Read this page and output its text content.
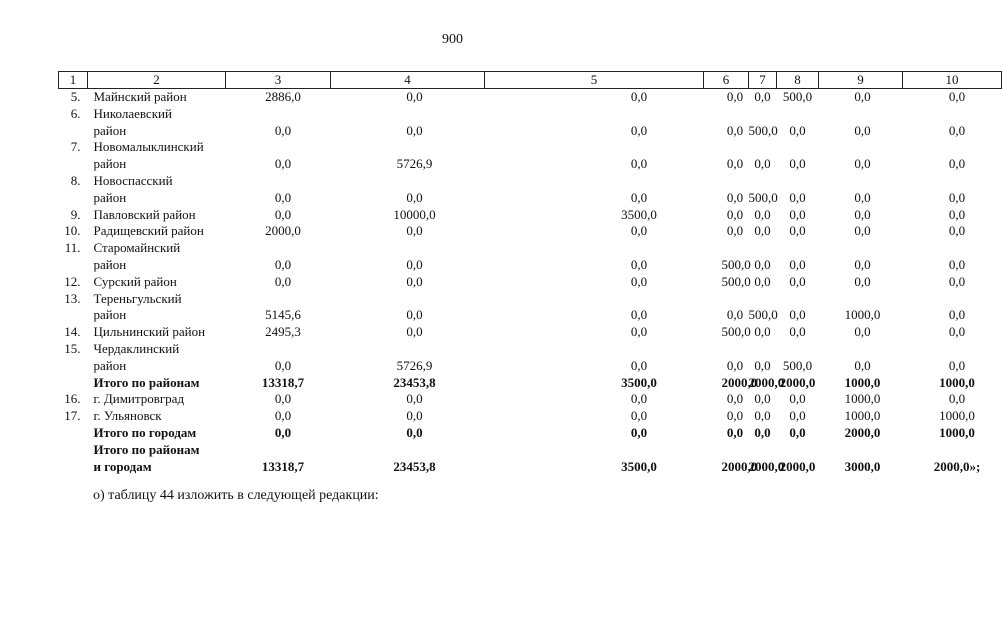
900
1	2	3	4	5	6	7	8	9	10
5.	Майнский район	2886,0	0,0	0,0	0,0	0,0	500,0	0,0	0,0
6.	Николаевский								
	район	0,0	0,0	0,0	0,0	500,0	0,0	0,0	0,0
7.	Новомалыклинский								
	район	0,0	5726,9	0,0	0,0	0,0	0,0	0,0	0,0
8.	Новоспасский								
	район	0,0	0,0	0,0	0,0	500,0	0,0	0,0	0,0
9.	Павловский район	0,0	10000,0	3500,0	0,0	0,0	0,0	0,0	0,0
10.	Радищевский район	2000,0	0,0	0,0	0,0	0,0	0,0	0,0	0,0
11.	Старомайнский								
	район	0,0	0,0	0,0	500,0	0,0	0,0	0,0	0,0
12.	Сурский район	0,0	0,0	0,0	500,0	0,0	0,0	0,0	0,0
13.	Тереньгульский								
	район	5145,6	0,0	0,0	0,0	500,0	0,0	1000,0	0,0
14.	Цильнинский район	2495,3	0,0	0,0	500,0	0,0	0,0	0,0	0,0
15.	Чердаклинский								
	район	0,0	5726,9	0,0	0,0	0,0	500,0	0,0	0,0
	Итого по районам	13318,7	23453,8	3500,0	2000,0	2000,0	2000,0	1000,0	1000,0
16.	г. Димитровград	0,0	0,0	0,0	0,0	0,0	0,0	1000,0	0,0
17.	г. Ульяновск	0,0	0,0	0,0	0,0	0,0	0,0	1000,0	1000,0
	Итого по городам	0,0	0,0	0,0	0,0	0,0	0,0	2000,0	1000,0
	Итого по районам								
	и городам	13318,7	23453,8	3500,0	2000,0	2000,0	2000,0	3000,0	2000,0»;
о) таблицу 44 изложить в следующей редакции:
